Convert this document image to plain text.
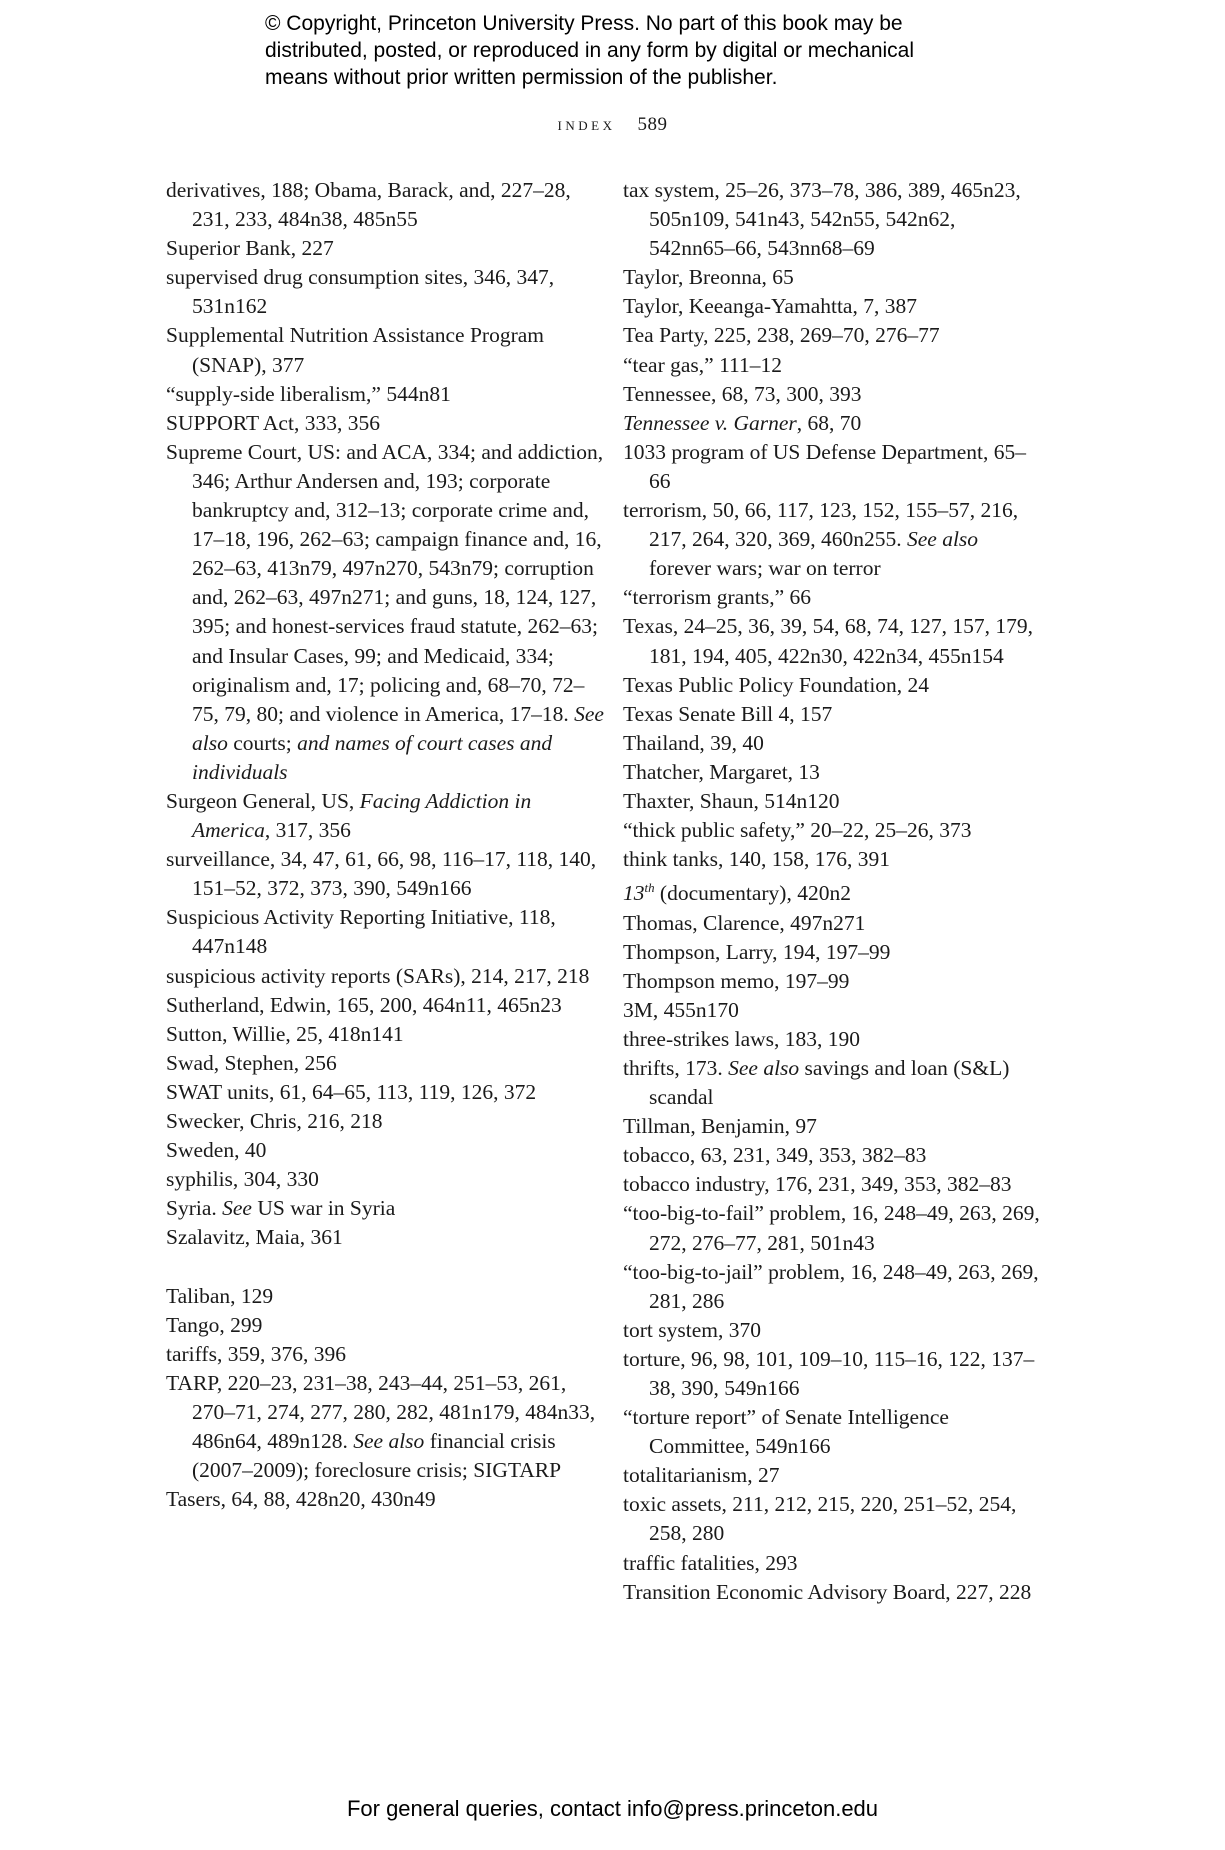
© Copyright, Princeton University Press. No part of this book may be
distributed, posted, or reproduced in any form by digital or mechanical
means without prior written permission of the publisher.
index 589
derivatives, 188; Obama, Barack, and, 227–28, 231, 233, 484n38, 485n55
Superior Bank, 227
supervised drug consumption sites, 346, 347, 531n162
Supplemental Nutrition Assistance Program (SNAP), 377
“supply-side liberalism,” 544n81
SUPPORT Act, 333, 356
Supreme Court, US: and ACA, 334; and addiction, 346; Arthur Andersen and, 193; corporate bankruptcy and, 312–13; corporate crime and, 17–18, 196, 262–63; campaign finance and, 16, 262–63, 413n79, 497n270, 543n79; corruption and, 262–63, 497n271; and guns, 18, 124, 127, 395; and honest-services fraud statute, 262–63; and Insular Cases, 99; and Medicaid, 334; originalism and, 17; policing and, 68–70, 72–75, 79, 80; and violence in America, 17–18. See also courts; and names of court cases and individuals
Surgeon General, US, Facing Addiction in America, 317, 356
surveillance, 34, 47, 61, 66, 98, 116–17, 118, 140, 151–52, 372, 373, 390, 549n166
Suspicious Activity Reporting Initiative, 118, 447n148
suspicious activity reports (SARs), 214, 217, 218
Sutherland, Edwin, 165, 200, 464n11, 465n23
Sutton, Willie, 25, 418n141
Swad, Stephen, 256
SWAT units, 61, 64–65, 113, 119, 126, 372
Swecker, Chris, 216, 218
Sweden, 40
syphilis, 304, 330
Syria. See US war in Syria
Szalavitz, Maia, 361
Taliban, 129
Tango, 299
tariffs, 359, 376, 396
TARP, 220–23, 231–38, 243–44, 251–53, 261, 270–71, 274, 277, 280, 282, 481n179, 484n33, 486n64, 489n128. See also financial crisis (2007–2009); foreclosure crisis; SIGTARP
Tasers, 64, 88, 428n20, 430n49
tax system, 25–26, 373–78, 386, 389, 465n23, 505n109, 541n43, 542n55, 542n62, 542nn65–66, 543nn68–69
Taylor, Breonna, 65
Taylor, Keeanga-Yamahtta, 7, 387
Tea Party, 225, 238, 269–70, 276–77
“tear gas,” 111–12
Tennessee, 68, 73, 300, 393
Tennessee v. Garner, 68, 70
1033 program of US Defense Department, 65–66
terrorism, 50, 66, 117, 123, 152, 155–57, 216, 217, 264, 320, 369, 460n255. See also forever wars; war on terror
“terrorism grants,” 66
Texas, 24–25, 36, 39, 54, 68, 74, 127, 157, 179, 181, 194, 405, 422n30, 422n34, 455n154
Texas Public Policy Foundation, 24
Texas Senate Bill 4, 157
Thailand, 39, 40
Thatcher, Margaret, 13
Thaxter, Shaun, 514n120
“thick public safety,” 20–22, 25–26, 373
think tanks, 140, 158, 176, 391
13th (documentary), 420n2
Thomas, Clarence, 497n271
Thompson, Larry, 194, 197–99
Thompson memo, 197–99
3M, 455n170
three-strikes laws, 183, 190
thrifts, 173. See also savings and loan (S&L) scandal
Tillman, Benjamin, 97
tobacco, 63, 231, 349, 353, 382–83
tobacco industry, 176, 231, 349, 353, 382–83
“too-big-to-fail” problem, 16, 248–49, 263, 269, 272, 276–77, 281, 501n43
“too-big-to-jail” problem, 16, 248–49, 263, 269, 281, 286
tort system, 370
torture, 96, 98, 101, 109–10, 115–16, 122, 137–38, 390, 549n166
“torture report” of Senate Intelligence Committee, 549n166
totalitarianism, 27
toxic assets, 211, 212, 215, 220, 251–52, 254, 258, 280
traffic fatalities, 293
Transition Economic Advisory Board, 227, 228
For general queries, contact info@press.princeton.edu
